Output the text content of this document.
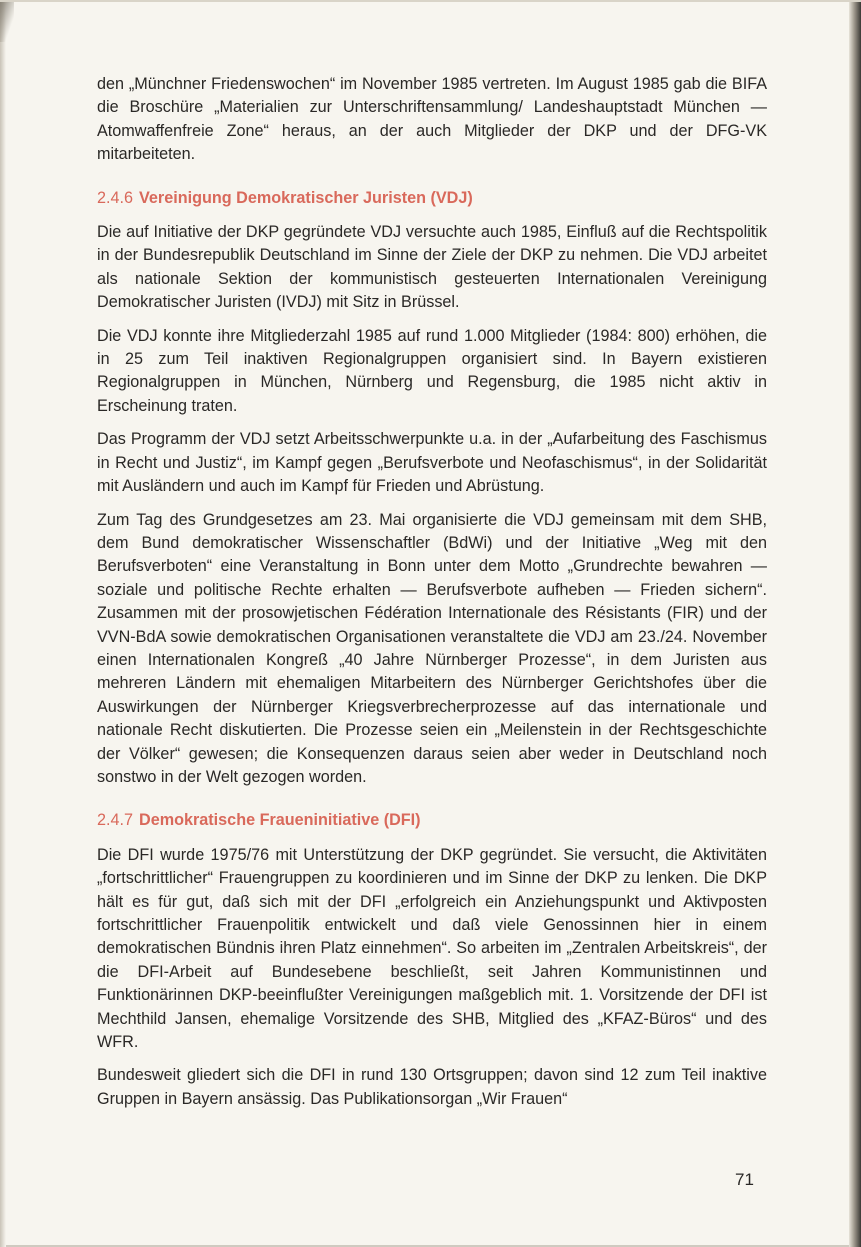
den „Münchner Friedenswochen“ im November 1985 vertreten. Im August 1985 gab die BIFA die Broschüre „Materialien zur Unterschriftensammlung/ Landeshauptstadt München — Atomwaffenfreie Zone“ heraus, an der auch Mitglieder der DKP und der DFG-VK mitarbeiteten.

2.4.6 Vereinigung Demokratischer Juristen (VDJ)

Die auf Initiative der DKP gegründete VDJ versuchte auch 1985, Einfluß auf die Rechtspolitik in der Bundesrepublik Deutschland im Sinne der Ziele der DKP zu nehmen. Die VDJ arbeitet als nationale Sektion der kommunistisch gesteuerten Internationalen Vereinigung Demokratischer Juristen (IVDJ) mit Sitz in Brüssel.

Die VDJ konnte ihre Mitgliederzahl 1985 auf rund 1.000 Mitglieder (1984: 800) erhöhen, die in 25 zum Teil inaktiven Regionalgruppen organisiert sind. In Bayern existieren Regionalgruppen in München, Nürnberg und Regensburg, die 1985 nicht aktiv in Erscheinung traten.

Das Programm der VDJ setzt Arbeitsschwerpunkte u.a. in der „Aufarbeitung des Faschismus in Recht und Justiz“, im Kampf gegen „Berufsverbote und Neofaschismus“, in der Solidarität mit Ausländern und auch im Kampf für Frieden und Abrüstung.

Zum Tag des Grundgesetzes am 23. Mai organisierte die VDJ gemeinsam mit dem SHB, dem Bund demokratischer Wissenschaftler (BdWi) und der Initiative „Weg mit den Berufsverboten“ eine Veranstaltung in Bonn unter dem Motto „Grundrechte bewahren — soziale und politische Rechte erhalten — Berufsverbote aufheben — Frieden sichern“. Zusammen mit der prosowjetischen Fédération Internationale des Résistants (FIR) und der VVN-BdA sowie demokratischen Organisationen veranstaltete die VDJ am 23./24. November einen Internationalen Kongreß „40 Jahre Nürnberger Prozesse“, in dem Juristen aus mehreren Ländern mit ehemaligen Mitarbeitern des Nürnberger Gerichtshofes über die Auswirkungen der Nürnberger Kriegsverbrecherprozesse auf das internationale und nationale Recht diskutierten. Die Prozesse seien ein „Meilenstein in der Rechtsgeschichte der Völker“ gewesen; die Konsequenzen daraus seien aber weder in Deutschland noch sonstwo in der Welt gezogen worden.

2.4.7 Demokratische Fraueninitiative (DFI)

Die DFI wurde 1975/76 mit Unterstützung der DKP gegründet. Sie versucht, die Aktivitäten „fortschrittlicher“ Frauengruppen zu koordinieren und im Sinne der DKP zu lenken. Die DKP hält es für gut, daß sich mit der DFI „erfolgreich ein Anziehungspunkt und Aktivposten fortschrittlicher Frauenpolitik entwickelt und daß viele Genossinnen hier in einem demokratischen Bündnis ihren Platz einnehmen“. So arbeiten im „Zentralen Arbeitskreis“, der die DFI-Arbeit auf Bundesebene beschließt, seit Jahren Kommunistinnen und Funktionärinnen DKP-beeinflußter Vereinigungen maßgeblich mit. 1. Vorsitzende der DFI ist Mechthild Jansen, ehemalige Vorsitzende des SHB, Mitglied des „KFAZ-Büros“ und des WFR.

Bundesweit gliedert sich die DFI in rund 130 Ortsgruppen; davon sind 12 zum Teil inaktive Gruppen in Bayern ansässig. Das Publikationsorgan „Wir Frauen“

71
